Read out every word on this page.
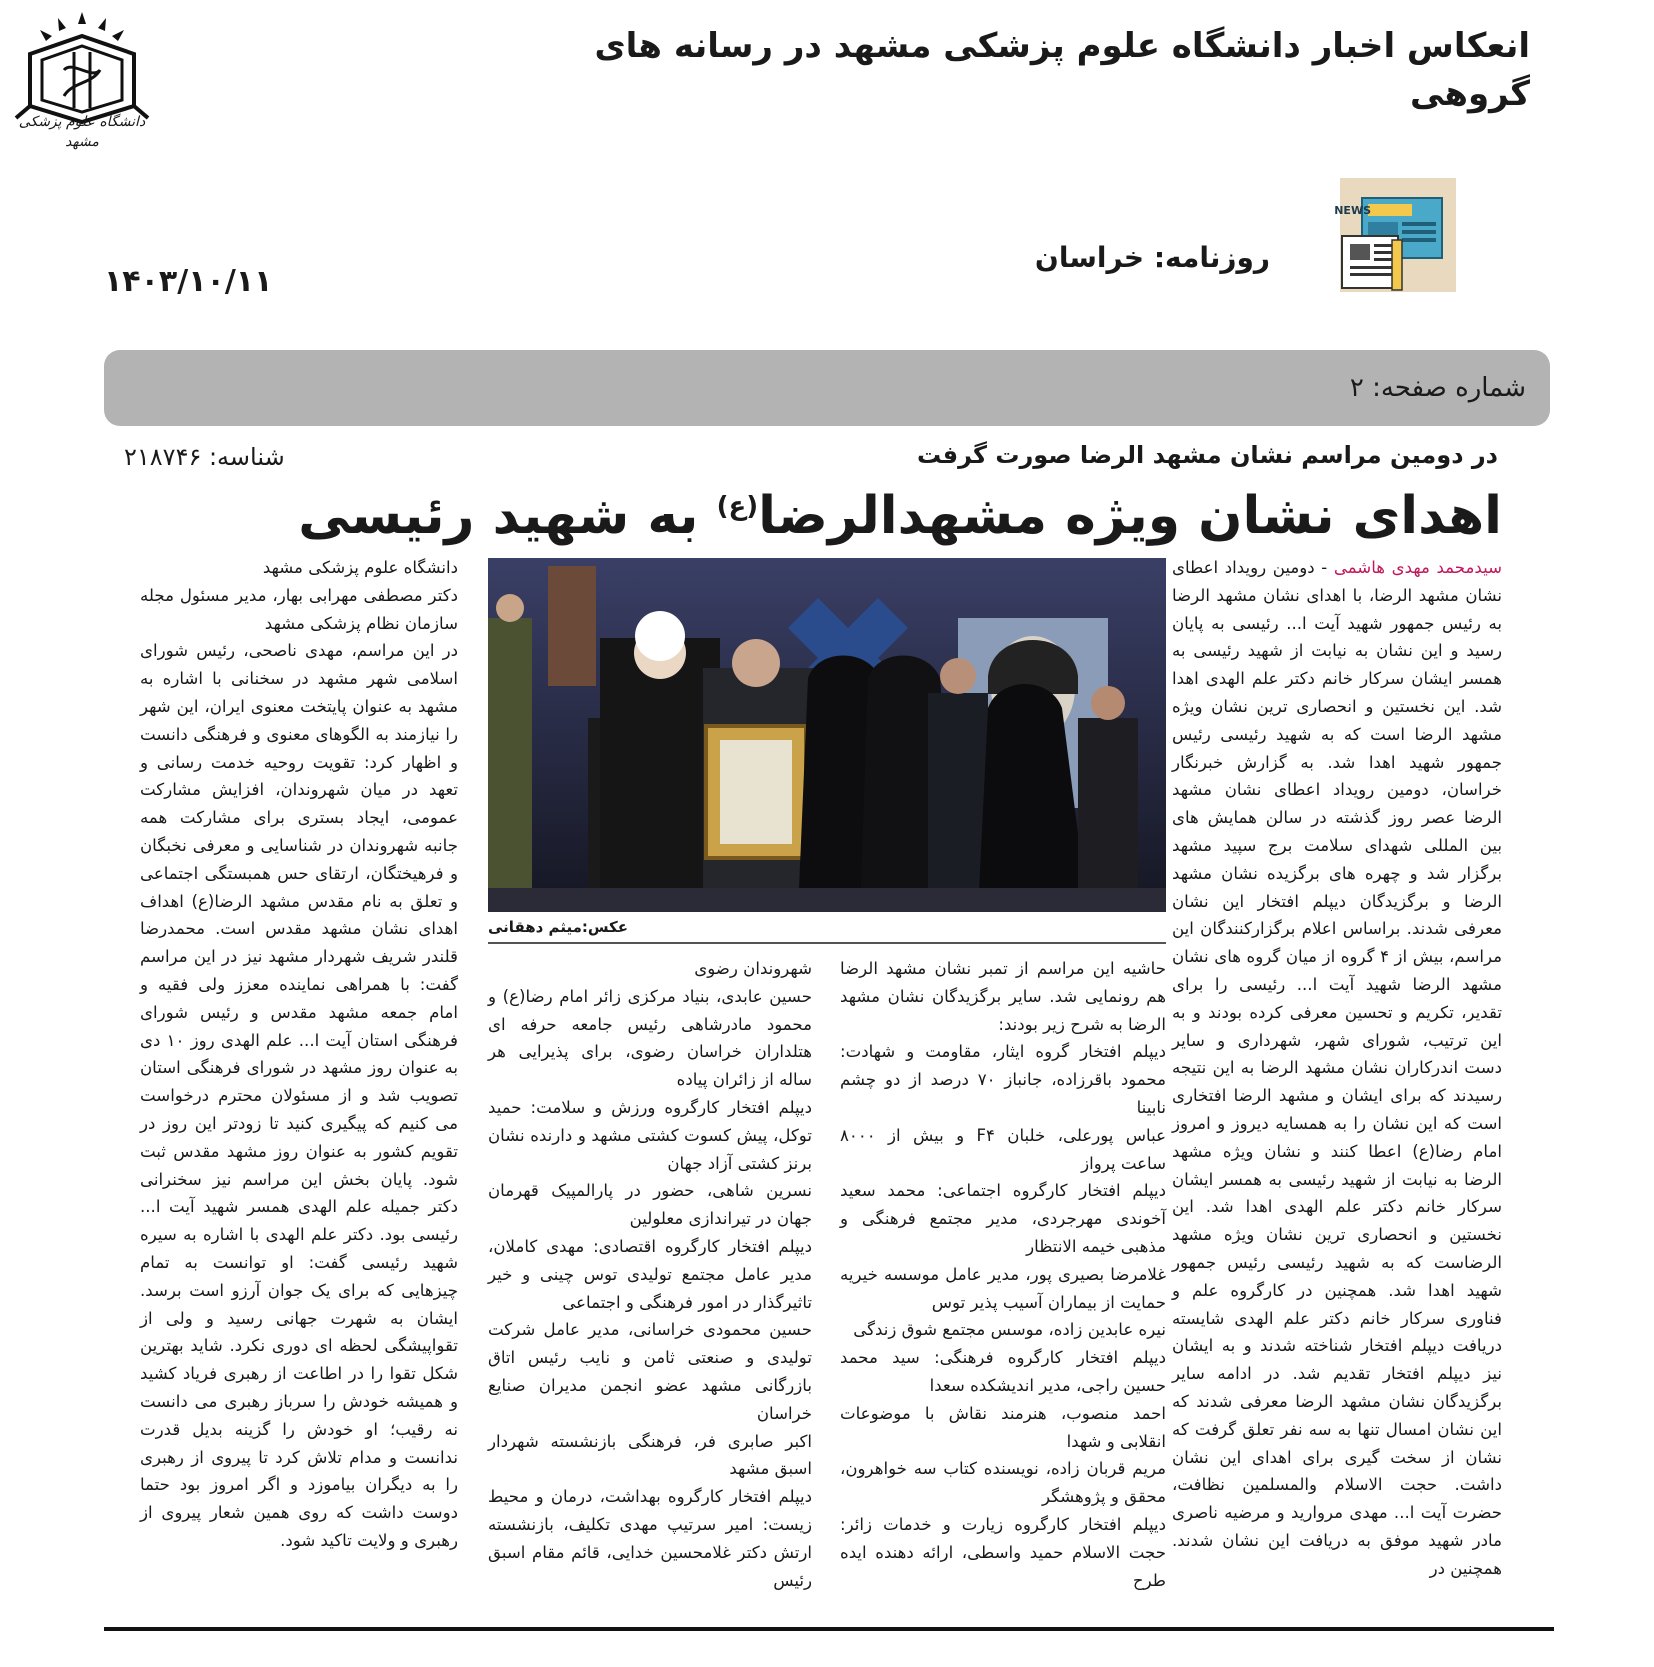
انعکاس اخبار دانشگاه علوم پزشکی مشهد در رسانه های گروهی
دانشگاه علوم پزشکی مشهد
روزنامه: خراسان
NEWS
۱۴۰۳/۱۰/۱۱
شماره صفحه: ۲
شناسه: ۲۱۸۷۴۶	در دومین مراسم نشان مشهد الرضا صورت گرفت
اهدای نشان ویژه مشهدالرضا$^{(ع)}$ به شهید رئیسی
عکس:میثم دهقانی

سیدمحمد مهدی هاشمی - دومین رویداد اعطای نشان مشهد الرضا، با اهدای نشان مشهد الرضا به رئیس جمهور شهید آیت ا... رئیسی به پایان رسید و این نشان به نیابت از شهید رئیسی به همسر ایشان سرکار خانم دکتر علم الهدی اهدا شد. این نخستین و انحصاری ترین نشان ویژه مشهد الرضا است که به شهید رئیسی رئیس جمهور شهید اهدا شد. به گزارش خبرنگار خراسان، دومین رویداد اعطای نشان مشهد الرضا عصر روز گذشته در سالن همایش های بین المللی شهدای سلامت برج سپید مشهد برگزار شد و چهره های برگزیده نشان مشهد الرضا و برگزیدگان دیپلم افتخار این نشان معرفی شدند. براساس اعلام برگزارکنندگان این مراسم، بیش از ۴ گروه از میان گروه های نشان مشهد الرضا شهید آیت ا... رئیسی را برای تقدیر، تکریم و تحسین معرفی کرده بودند و به این ترتیب، شورای شهر، شهرداری و سایر دست اندرکاران نشان مشهد الرضا به این نتیجه رسیدند که برای ایشان و مشهد الرضا افتخاری است که این نشان را به همسایه دیروز و امروز امام رضا(ع) اعطا کنند و نشان ویژه مشهد الرضا به نیابت از شهید رئیسی به همسر ایشان سرکار خانم دکتر علم الهدی اهدا شد. این نخستین و انحصاری ترین نشان ویژه مشهد الرضاست که به شهید رئیسی رئیس جمهور شهید اهدا شد. همچنین در کارگروه علم و فناوری سرکار خانم دکتر علم الهدی شایسته دریافت دیپلم افتخار شناخته شدند و به ایشان نیز دیپلم افتخار تقدیم شد. در ادامه سایر برگزیدگان نشان مشهد الرضا معرفی شدند که این نشان امسال تنها به سه نفر تعلق گرفت که نشان از سخت گیری برای اهدای این نشان داشت. حجت الاسلام والمسلمین نظافت، حضرت آیت ا... مهدی مروارید و مرضیه ناصری مادر شهید موفق به دریافت این نشان شدند. همچنین در

حاشیه این مراسم از تمبر نشان مشهد الرضا هم رونمایی شد. سایر برگزیدگان نشان مشهد الرضا به شرح زیر بودند:

دیپلم افتخار گروه ایثار، مقاومت و شهادت: محمود باقرزاده، جانباز ۷۰ درصد از دو چشم نابینا

عباس پورعلی، خلبان F۴ و بیش از ۸۰۰۰ ساعت پرواز

دیپلم افتخار کارگروه اجتماعی: محمد سعید آخوندی مهرجردی، مدیر مجتمع فرهنگی و مذهبی خیمه الانتظار

غلامرضا بصیری پور، مدیر عامل موسسه خیریه حمایت از بیماران آسیب پذیر توس

نیره عابدین زاده، موسس مجتمع شوق زندگی

دیپلم افتخار کارگروه فرهنگی: سید محمد حسین راجی، مدیر اندیشکده سعدا

احمد منصوب، هنرمند نقاش با موضوعات انقلابی و شهدا

مریم قربان زاده، نویسنده کتاب سه خواهرون، محقق و پژوهشگر

دیپلم افتخار کارگروه زیارت و خدمات زائر: حجت الاسلام حمید واسطی، ارائه دهنده ایده طرح

شهروندان رضوی

حسین عابدی، بنیاد مرکزی زائر امام رضا(ع) و محمود مادرشاهی رئیس جامعه حرفه ای هتلداران خراسان رضوی، برای پذیرایی هر ساله از زائران پیاده

دیپلم افتخار کارگروه ورزش و سلامت: حمید توکل، پیش کسوت کشتی مشهد و دارنده نشان برنز کشتی آزاد جهان

نسرین شاهی، حضور در پارالمپیک قهرمان جهان در تیراندازی معلولین

دیپلم افتخار کارگروه اقتصادی: مهدی کاملان، مدیر عامل مجتمع تولیدی توس چینی و خیر تاثیرگذار در امور فرهنگی و اجتماعی

حسین محمودی خراسانی، مدیر عامل شرکت تولیدی و صنعتی ثامن و نایب رئیس اتاق بازرگانی مشهد عضو انجمن مدیران صنایع خراسان

اکبر صابری فر، فرهنگی بازنشسته شهردار اسبق مشهد

دیپلم افتخار کارگروه بهداشت، درمان و محیط زیست: امیر سرتیپ مهدی تکلیف، بازنشسته ارتش دکتر غلامحسین خدایی، قائم مقام اسبق رئیس

دانشگاه علوم پزشکی مشهد

دکتر مصطفی مهرابی بهار، مدیر مسئول مجله سازمان نظام پزشکی مشهد

در این مراسم، مهدی ناصحی، رئیس شورای اسلامی شهر مشهد در سخنانی با اشاره به مشهد به عنوان پایتخت معنوی ایران، این شهر را نیازمند به الگوهای معنوی و فرهنگی دانست و اظهار کرد: تقویت روحیه خدمت رسانی و تعهد در میان شهروندان، افزایش مشارکت عمومی، ایجاد بستری برای مشارکت همه جانبه شهروندان در شناسایی و معرفی نخبگان و فرهیختگان، ارتقای حس همبستگی اجتماعی و تعلق به نام مقدس مشهد الرضا(ع) اهداف اهدای نشان مشهد مقدس است. محمدرضا قلندر شریف شهردار مشهد نیز در این مراسم گفت: با همراهی نماینده معزز ولی فقیه و امام جمعه مشهد مقدس و رئیس شورای فرهنگی استان آیت ا... علم الهدی روز ۱۰ دی به عنوان روز مشهد در شورای فرهنگی استان تصویب شد و از مسئولان محترم درخواست می کنیم که پیگیری کنید تا زودتر این روز در تقویم کشور به عنوان روز مشهد مقدس ثبت شود. پایان بخش این مراسم نیز سخنرانی دکتر جمیله علم الهدی همسر شهید آیت ا... رئیسی بود. دکتر علم الهدی با اشاره به سیره شهید رئیسی گفت: او توانست به تمام چیزهایی که برای یک جوان آرزو است برسد. ایشان به شهرت جهانی رسید و ولی از تقواپیشگی لحظه ای دوری نکرد. شاید بهترین شکل تقوا را در اطاعت از رهبری فریاد کشید و همیشه خودش را سرباز رهبری می دانست نه رقیب؛ او خودش را گزینه بدیل قدرت ندانست و مدام تلاش کرد تا پیروی از رهبری را به دیگران بیاموزد و اگر امروز بود حتما دوست داشت که روی همین شعار پیروی از رهبری و ولایت تاکید شود.
